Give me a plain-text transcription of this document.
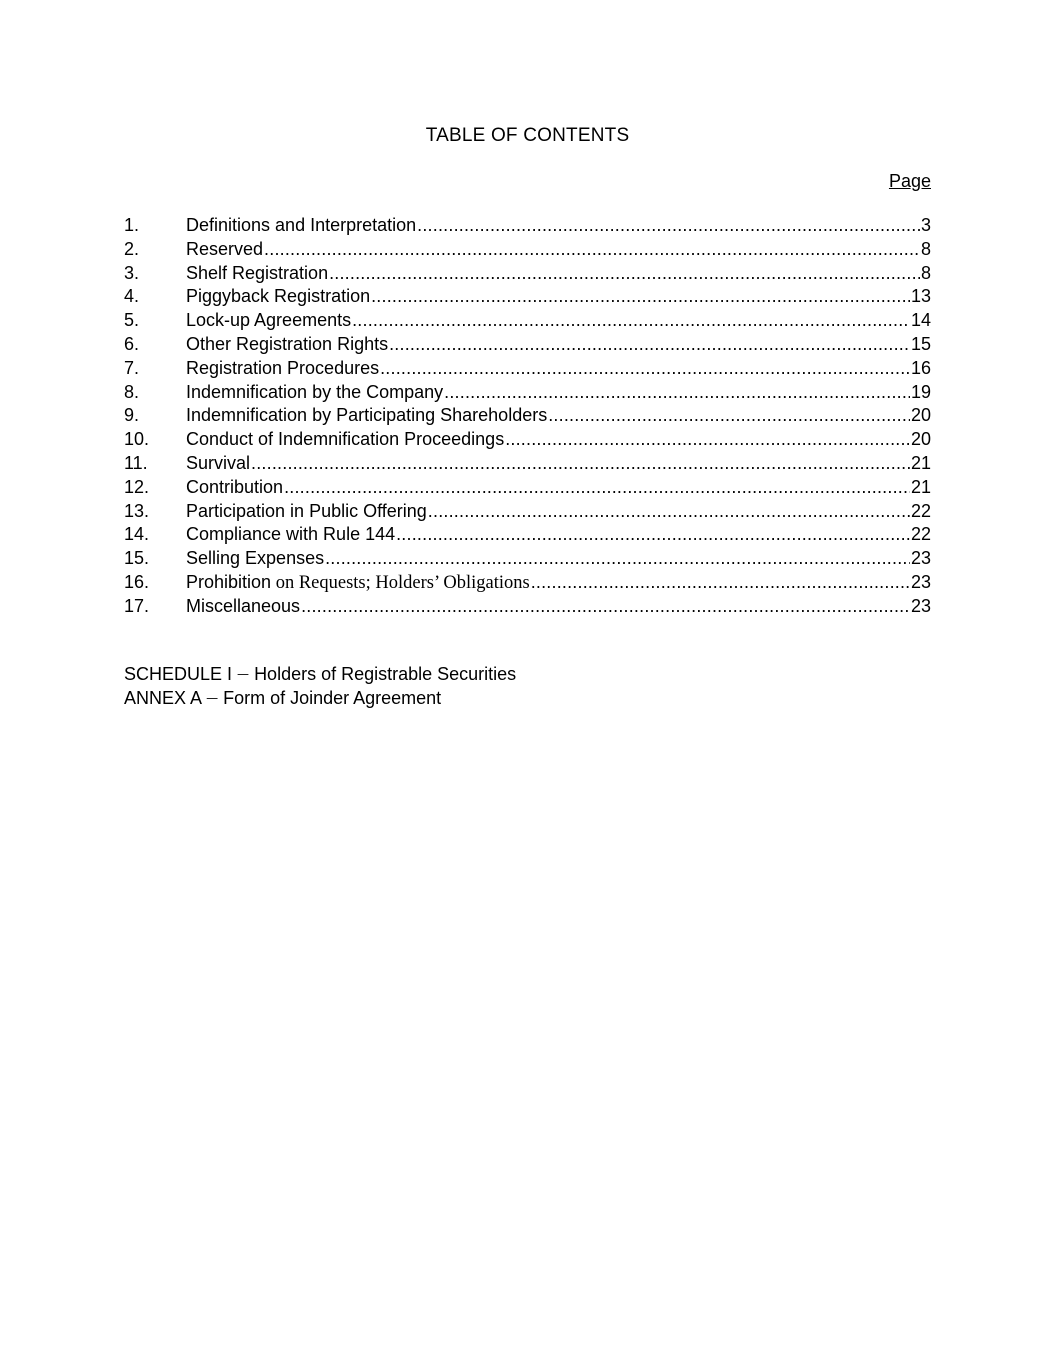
TABLE OF CONTENTS
Page
1.	Definitions and Interpretation .....	3
2.	Reserved .....	8
3.	Shelf Registration .....	8
4.	Piggyback Registration .....	13
5.	Lock-up Agreements .....	14
6.	Other Registration Rights .....	15
7.	Registration Procedures .....	16
8.	Indemnification by the Company .....	19
9.	Indemnification by Participating Shareholders .....	20
10.	Conduct of Indemnification Proceedings .....	20
11.	Survival .....	21
12.	Contribution .....	21
13.	Participation in Public Offering .....	22
14.	Compliance with Rule 144 .....	22
15.	Selling Expenses .....	23
16.	Prohibition on Requests; Holders’ Obligations .....	23
17.	Miscellaneous .....	23
SCHEDULE I — Holders of Registrable Securities
ANNEX A — Form of Joinder Agreement
